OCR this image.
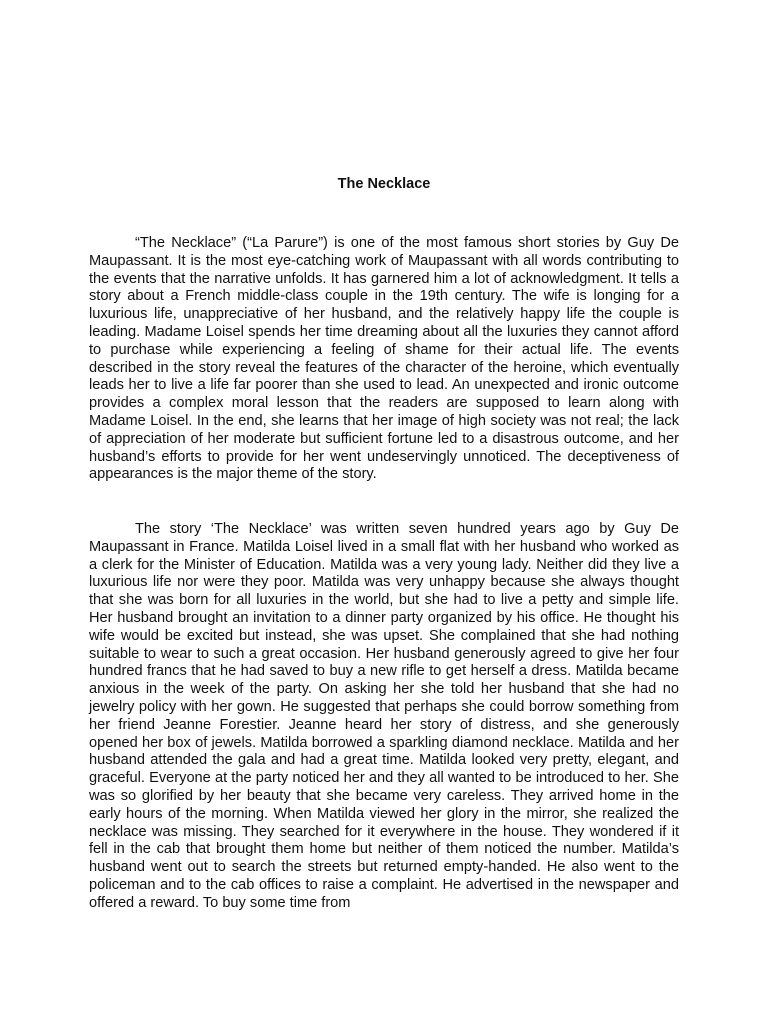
The Necklace

“The Necklace” (“La Parure”) is one of the most famous short stories by Guy De Maupassant. It is the most eye-catching work of Maupassant with all words contributing to the events that the narrative unfolds. It has garnered him a lot of acknowledgment. It tells a story about a French middle-class couple in the 19th century. The wife is longing for a luxurious life, unappreciative of her husband, and the relatively happy life the couple is leading. Madame Loisel spends her time dreaming about all the luxuries they cannot afford to purchase while experiencing a feeling of shame for their actual life. The events described in the story reveal the features of the character of the heroine, which eventually leads her to live a life far poorer than she used to lead. An unexpected and ironic outcome provides a complex moral lesson that the readers are supposed to learn along with Madame Loisel. In the end, she learns that her image of high society was not real; the lack of appreciation of her moderate but sufficient fortune led to a disastrous outcome, and her husband’s efforts to provide for her went undeservingly unnoticed. The deceptiveness of appearances is the major theme of the story.

The story ‘The Necklace’ was written seven hundred years ago by Guy De Maupassant in France. Matilda Loisel lived in a small flat with her husband who worked as a clerk for the Minister of Education. Matilda was a very young lady. Neither did they live a luxurious life nor were they poor. Matilda was very unhappy because she always thought that she was born for all luxuries in the world, but she had to live a petty and simple life. Her husband brought an invitation to a dinner party organized by his office. He thought his wife would be excited but instead, she was upset. She complained that she had nothing suitable to wear to such a great occasion. Her husband generously agreed to give her four hundred francs that he had saved to buy a new rifle to get herself a dress. Matilda became anxious in the week of the party. On asking her she told her husband that she had no jewelry policy with her gown. He suggested that perhaps she could borrow something from her friend Jeanne Forestier. Jeanne heard her story of distress, and she generously opened her box of jewels. Matilda borrowed a sparkling diamond necklace. Matilda and her husband attended the gala and had a great time. Matilda looked very pretty, elegant, and graceful. Everyone at the party noticed her and they all wanted to be introduced to her. She was so glorified by her beauty that she became very careless. They arrived home in the early hours of the morning. When Matilda viewed her glory in the mirror, she realized the necklace was missing. They searched for it everywhere in the house. They wondered if it fell in the cab that brought them home but neither of them noticed the number. Matilda’s husband went out to search the streets but returned empty-handed. He also went to the policeman and to the cab offices to raise a complaint. He advertised in the newspaper and offered a reward. To buy some time from
